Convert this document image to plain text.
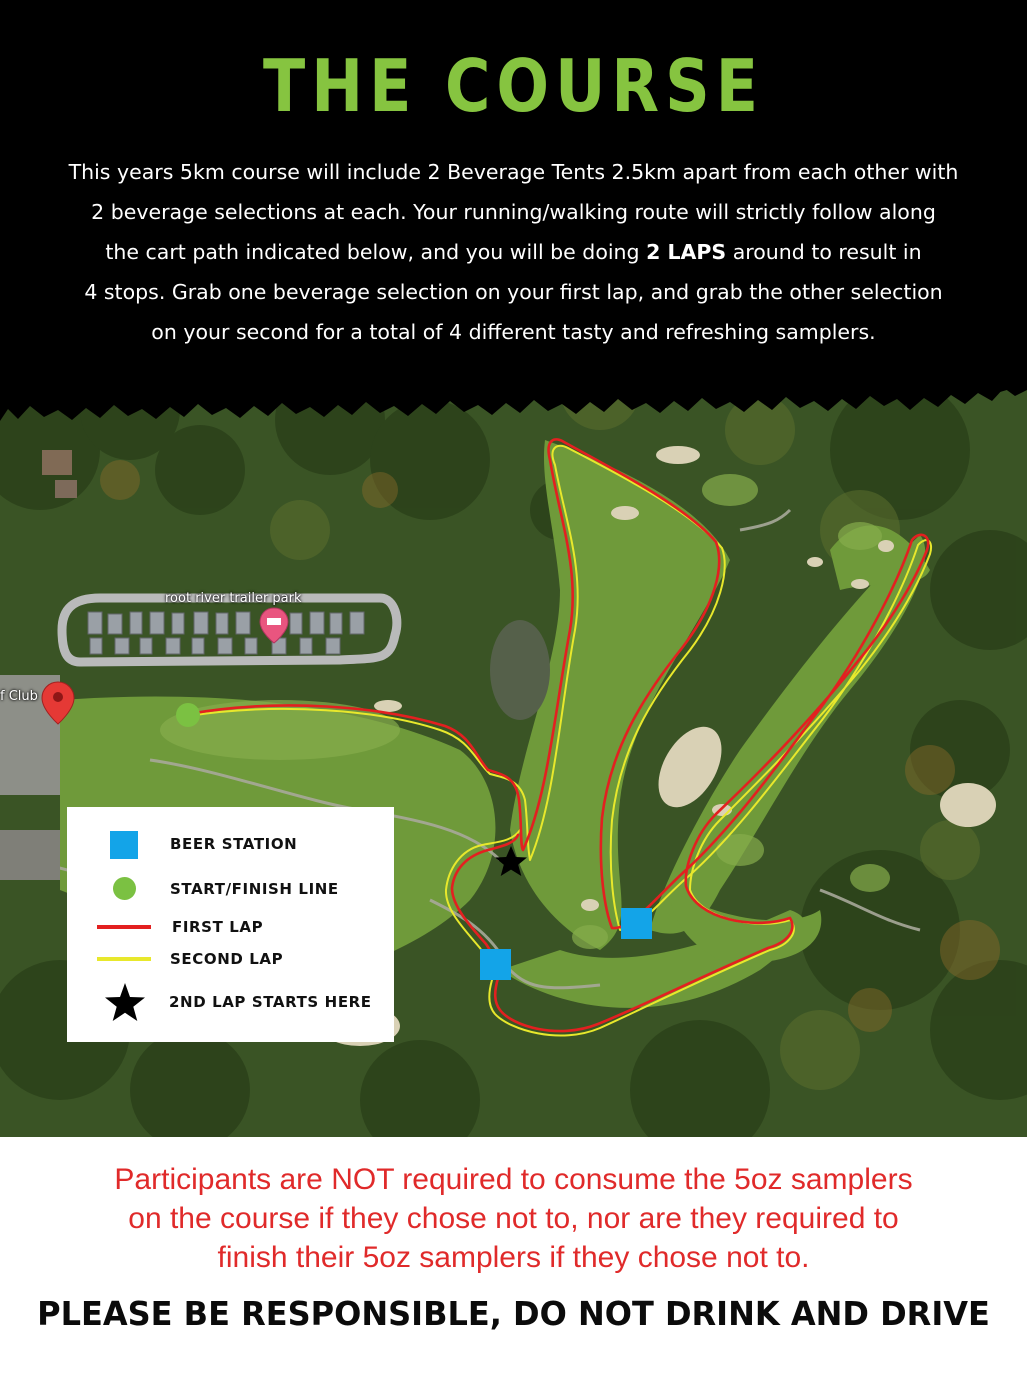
THE COURSE
This years 5km course will include 2 Beverage Tents 2.5km apart from each other with
2 beverage selections at each. Your running/walking route will strictly follow along
the cart path indicated below, and you will be doing 2 LAPS around to result in
4 stops. Grab one beverage selection on your first lap, and grab the other selection
on your second for a total of 4 different tasty and refreshing samplers.
root river trailer park
f Club
BEER STATION
START/FINISH LINE
FIRST LAP
SECOND LAP
2ND LAP STARTS HERE
Participants are NOT required to consume the 5oz samplers
on the course if they chose not to, nor are they required to
finish their 5oz samplers if they chose not to.
PLEASE BE RESPONSIBLE, DO NOT DRINK AND DRIVE
